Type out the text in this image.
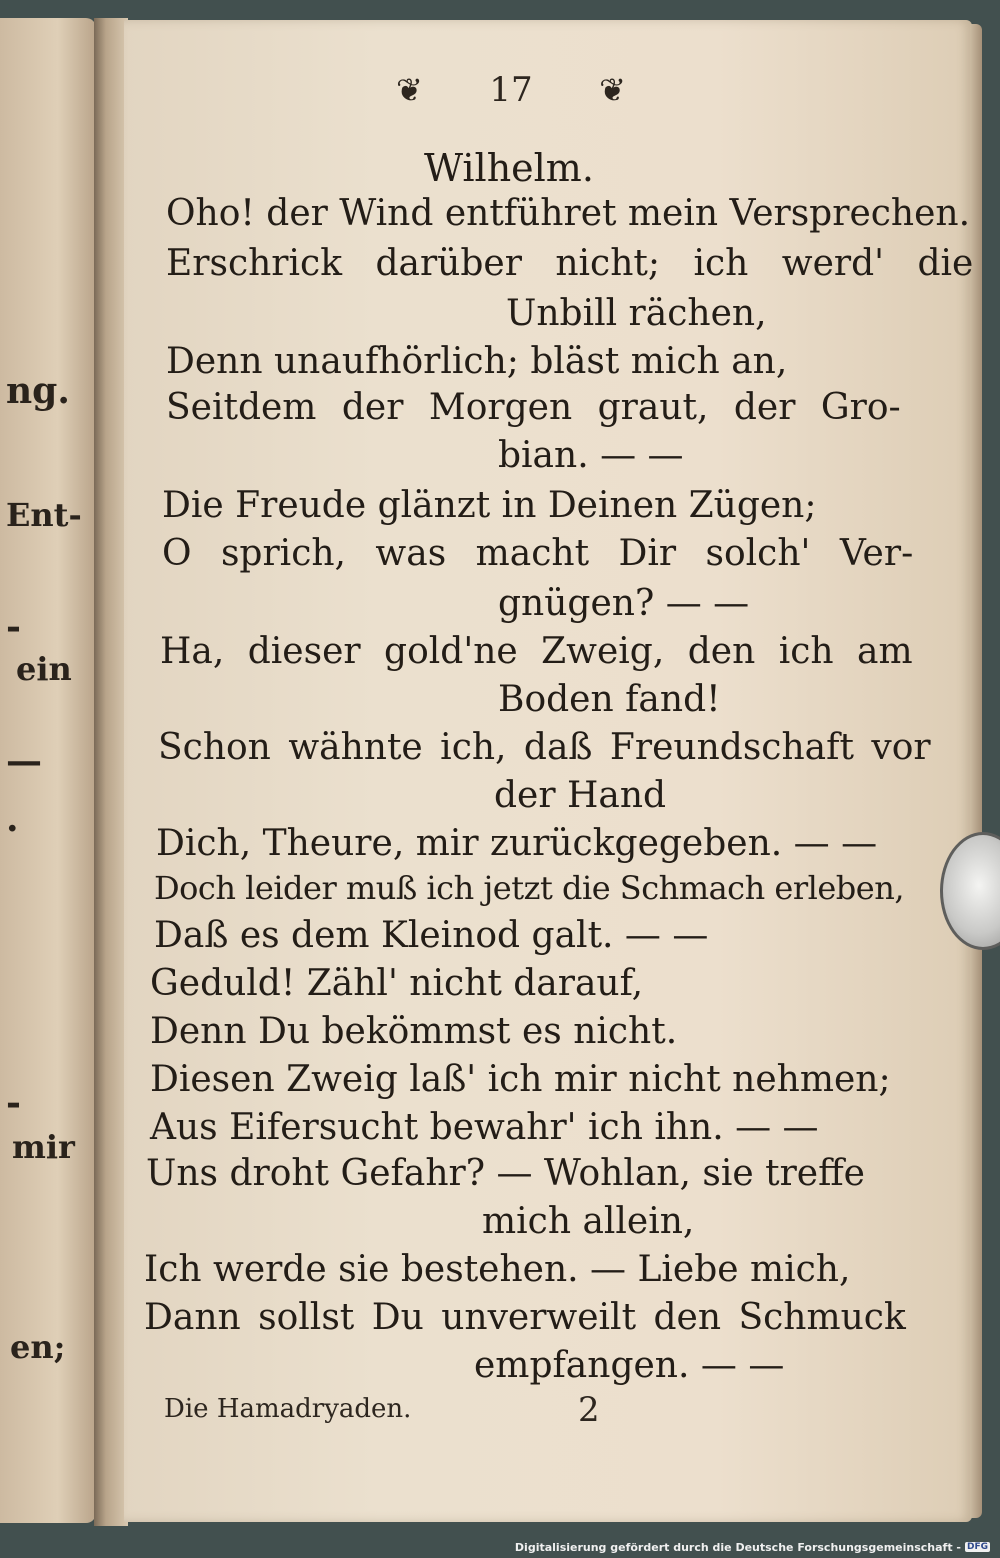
ng.
Ent-
-
ein
—
.
-
mir
en;
❦ 17 ❦
Wilhelm.
Oho! der Wind entführet mein Versprechen.
Erschrick darüber nicht; ich werd' die
Unbill rächen,
Denn unaufhörlich; bläst mich an,
Seitdem der Morgen graut, der Gro-
bian. — —
Die Freude glänzt in Deinen Zügen;
O sprich, was macht Dir solch' Ver-
gnügen? — —
Ha, dieser gold'ne Zweig, den ich am
Boden fand!
Schon wähnte ich, daß Freundschaft vor
der Hand
Dich, Theure, mir zurückgegeben. — —
Doch leider muß ich jetzt die Schmach erleben,
Daß es dem Kleinod galt. — —
Geduld! Zähl' nicht darauf,
Denn Du bekömmst es nicht.
Diesen Zweig laß' ich mir nicht nehmen;
Aus Eifersucht bewahr' ich ihn. — —
Uns droht Gefahr? — Wohlan, sie treffe
mich allein,
Ich werde sie bestehen. — Liebe mich,
Dann sollst Du unverweilt den Schmuck
empfangen. — —
Die Hamadryaden.	2
Digitalisierung gefördert durch die Deutsche Forschungsgemeinschaft - DFG
